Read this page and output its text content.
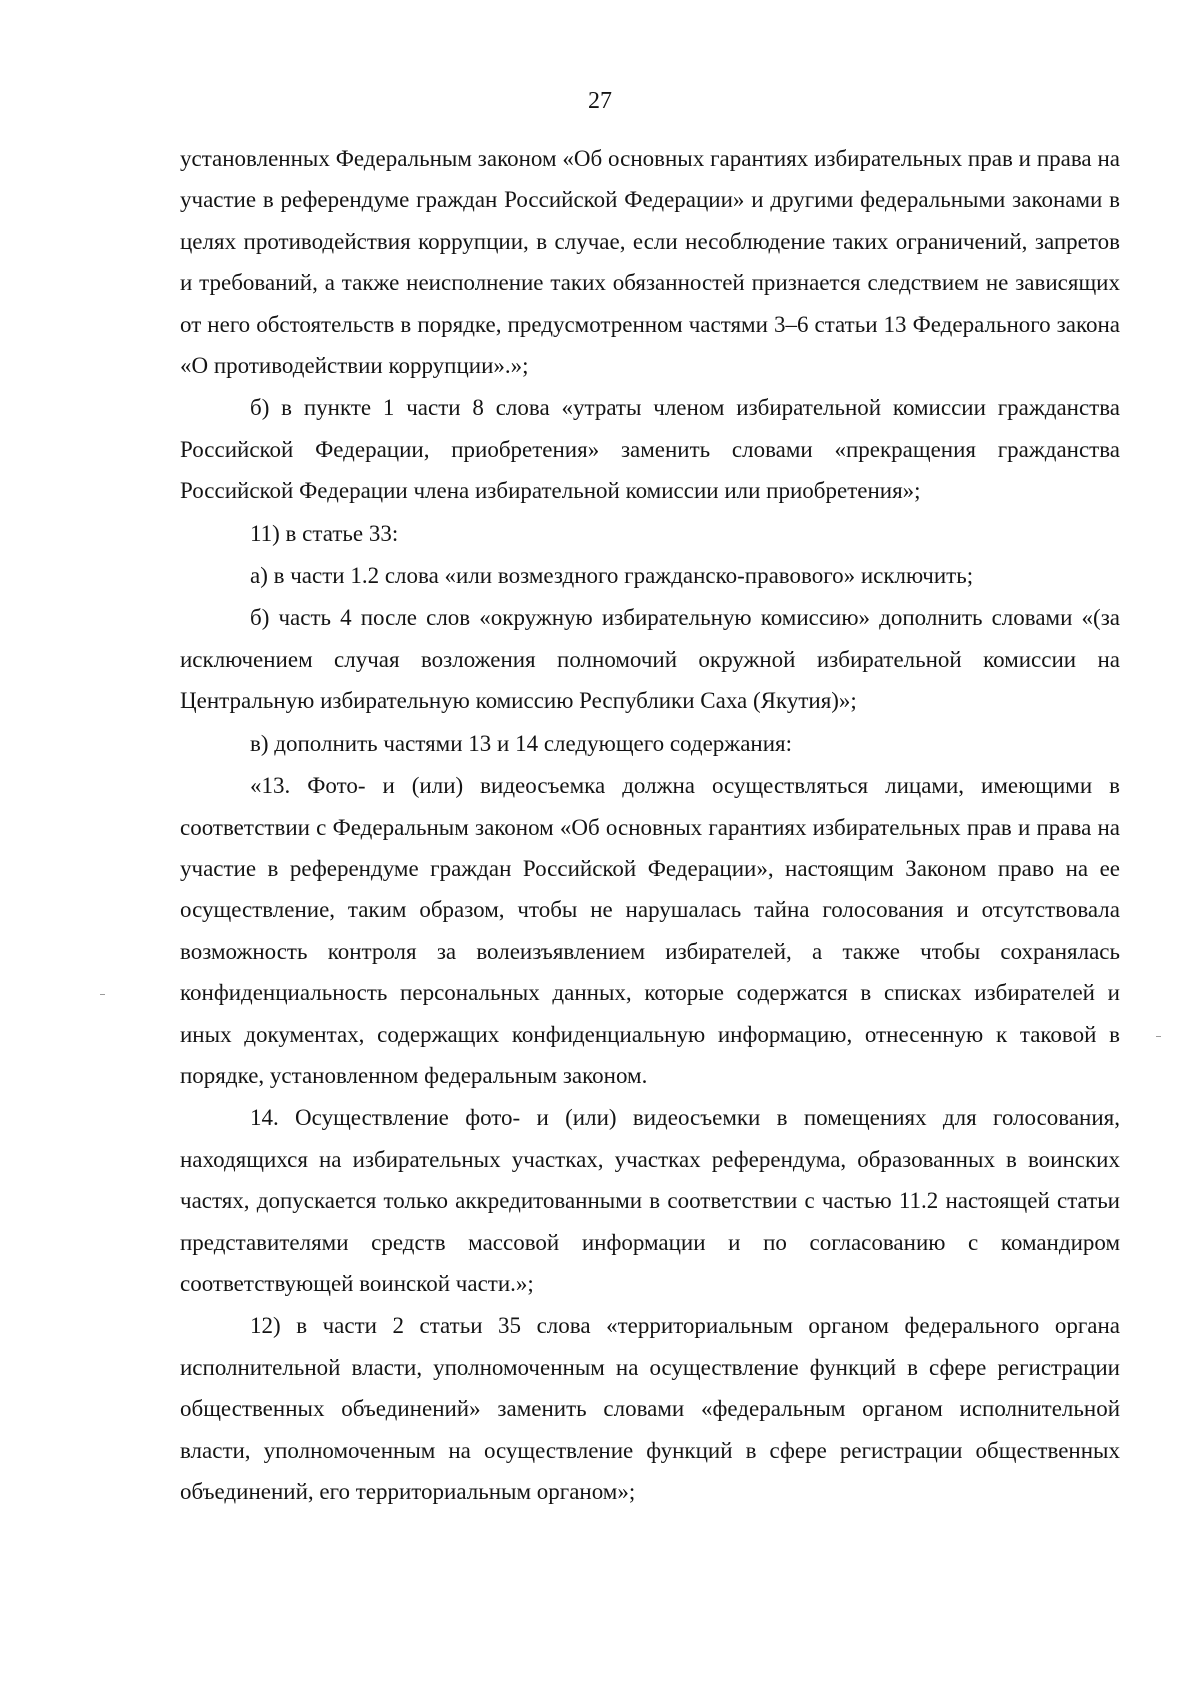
27

установленных Федеральным законом «Об основных гарантиях избирательных прав и права на участие в референдуме граждан Российской Федерации» и другими федеральными законами в целях противодействия коррупции, в случае, если несоблюдение таких ограничений, запретов и требований, а также неисполнение таких обязанностей признается следствием не зависящих от него обстоятельств в порядке, предусмотренном частями 3–6 статьи 13 Федерального закона «О противодействии коррупции».»;

б) в пункте 1 части 8 слова «утраты членом избирательной комиссии гражданства Российской Федерации, приобретения» заменить словами «прекращения гражданства Российской Федерации члена избирательной комиссии или приобретения»;

11) в статье 33:

а) в части 1.2 слова «или возмездного гражданско-правового» исключить;

б) часть 4 после слов «окружную избирательную комиссию» дополнить словами «(за исключением случая возложения полномочий окружной избирательной комиссии на Центральную избирательную комиссию Республики Саха (Якутия)»;

в) дополнить частями 13 и 14 следующего содержания:

«13. Фото- и (или) видеосъемка должна осуществляться лицами, имеющими в соответствии с Федеральным законом «Об основных гарантиях избирательных прав и права на участие в референдуме граждан Российской Федерации», настоящим Законом право на ее осуществление, таким образом, чтобы не нарушалась тайна голосования и отсутствовала возможность контроля за волеизъявлением избирателей, а также чтобы сохранялась конфиденциальность персональных данных, которые содержатся в списках избирателей и иных документах, содержащих конфиденциальную информацию, отнесенную к таковой в порядке, установленном федеральным законом.

14. Осуществление фото- и (или) видеосъемки в помещениях для голосования, находящихся на избирательных участках, участках референдума, образованных в воинских частях, допускается только аккредитованными в соответствии с частью 11.2 настоящей статьи представителями средств массовой информации и по согласованию с командиром соответствующей воинской части.»;

12) в части 2 статьи 35 слова «территориальным органом федерального органа исполнительной власти, уполномоченным на осуществление функций в сфере регистрации общественных объединений» заменить словами «федеральным органом исполнительной власти, уполномоченным на осуществление функций в сфере регистрации общественных объединений, его территориальным органом»;
